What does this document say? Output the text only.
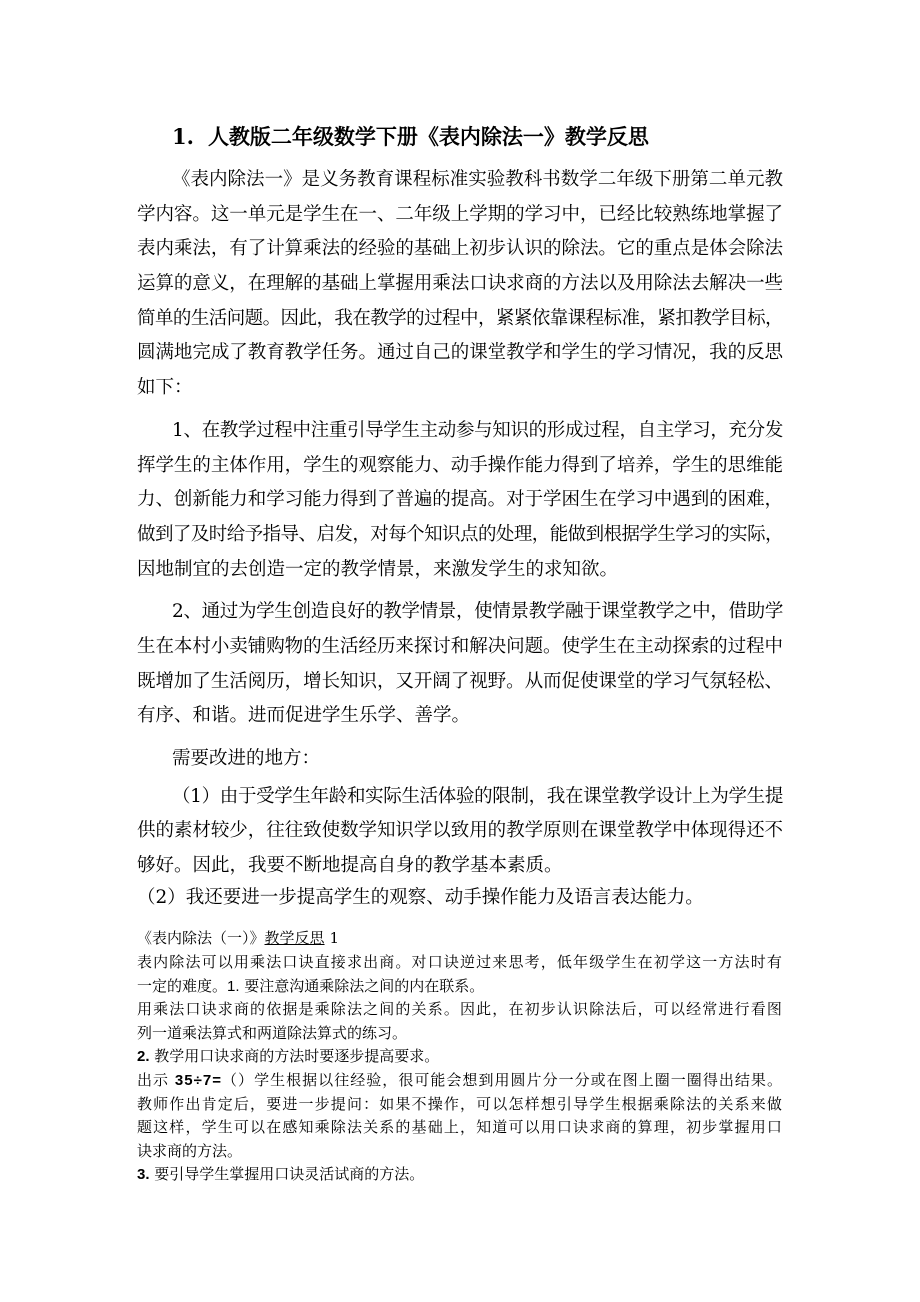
1. 人教版二年级数学下册《表内除法一》教学反思
《表内除法一》是义务教育课程标准实验教科书数学二年级下册第二单元教
学内容。这一单元是学生在一、二年级上学期的学习中，已经比较熟练地掌握了
表内乘法，有了计算乘法的经验的基础上初步认识的除法。它的重点是体会除法
运算的意义，在理解的基础上掌握用乘法口诀求商的方法以及用除法去解决一些
简单的生活问题。因此，我在教学的过程中，紧紧依靠课程标准，紧扣教学目标，
圆满地完成了教育教学任务。通过自己的课堂教学和学生的学习情况，我的反思
如下：
1、在教学过程中注重引导学生主动参与知识的形成过程，自主学习，充分发
挥学生的主体作用，学生的观察能力、动手操作能力得到了培养，学生的思维能
力、创新能力和学习能力得到了普遍的提高。对于学困生在学习中遇到的困难，
做到了及时给予指导、启发，对每个知识点的处理，能做到根据学生学习的实际，
因地制宜的去创造一定的教学情景，来激发学生的求知欲。
2、通过为学生创造良好的教学情景，使情景教学融于课堂教学之中，借助学
生在本村小卖铺购物的生活经历来探讨和解决问题。使学生在主动探索的过程中
既增加了生活阅历，增长知识，又开阔了视野。从而促使课堂的学习气氛轻松、
有序、和谐。进而促进学生乐学、善学。
需要改进的地方：
（1）由于受学生年龄和实际生活体验的限制，我在课堂教学设计上为学生提
供的素材较少，往往致使数学知识学以致用的教学原则在课堂教学中体现得还不
够好。因此，我要不断地提高自身的教学基本素质。
（2）我还要进一步提高学生的观察、动手操作能力及语言表达能力。
《表内除法（一）》教学反思 1
表内除法可以用乘法口诀直接求出商。对口诀逆过来思考，低年级学生在初学这一方法时有
一定的难度。1. 要注意沟通乘除法之间的内在联系。
用乘法口诀求商的依据是乘除法之间的关系。因此，在初步认识除法后，可以经常进行看图
列一道乘法算式和两道除法算式的练习。
2. 教学用口诀求商的方法时要逐步提高要求。
出示 35÷7=（）学生根据以往经验，很可能会想到用圆片分一分或在图上圈一圈得出结果。
教师作出肯定后，要进一步提问：如果不操作，可以怎样想引导学生根据乘除法的关系来做
题这样，学生可以在感知乘除法关系的基础上，知道可以用口诀求商的算理，初步掌握用口
诀求商的方法。
3. 要引导学生掌握用口诀灵活试商的方法。
